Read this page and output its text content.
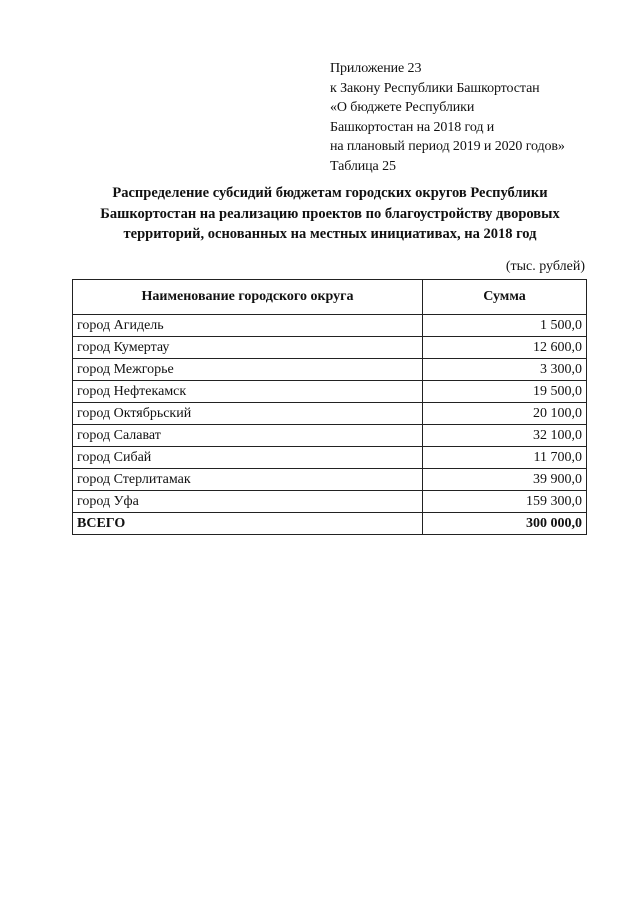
Приложение 23
к Закону Республики Башкортостан
«О бюджете Республики
Башкортостан на 2018 год и
на плановый период 2019 и 2020 годов»
Таблица 25
Распределение субсидий бюджетам городских округов Республики
Башкортостан на реализацию проектов по благоустройству дворовых
территорий, основанных на местных инициативах, на 2018 год
(тыс. рублей)
Наименование городского округа	Сумма
город Агидель	1 500,0
город Кумертау	12 600,0
город Межгорье	3 300,0
город Нефтекамск	19 500,0
город Октябрьский	20 100,0
город Салават	32 100,0
город Сибай	11 700,0
город Стерлитамак	39 900,0
город Уфа	159 300,0
ВСЕГО	300 000,0
